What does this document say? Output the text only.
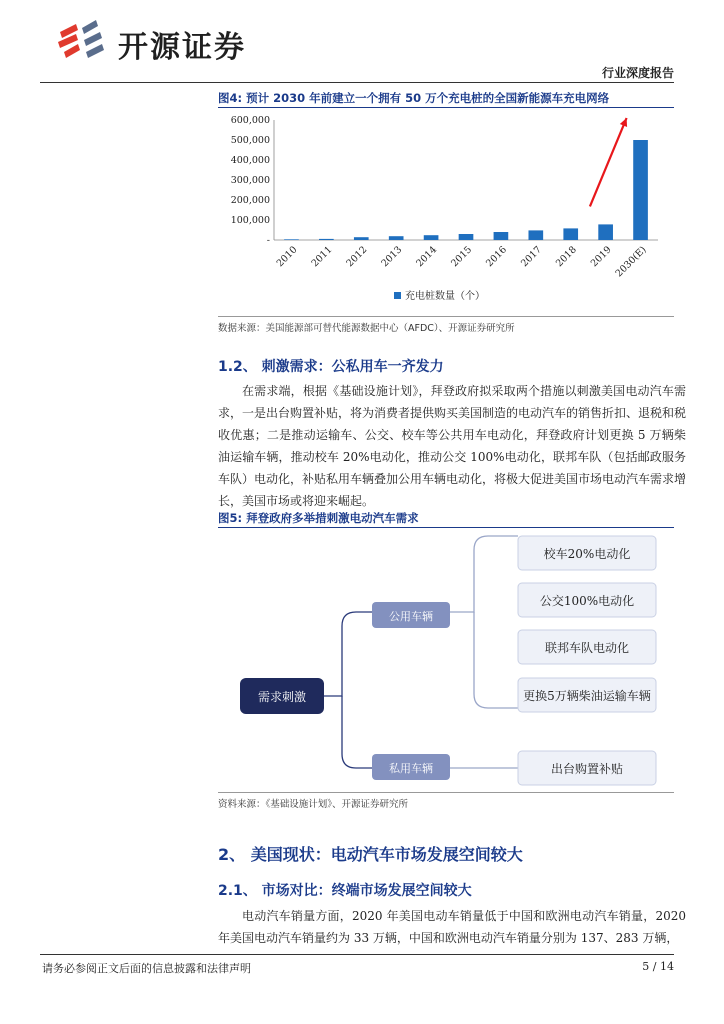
开源证券
行业深度报告
图4: 预计 2030 年前建立一个拥有 50 万个充电桩的全国新能源车充电网络
2010 2011 2012 2013 2014 2015 2016 2017 2018 2019 2030(E)
-
100,000
200,000
300,000
400,000
500,000
600,000
充电桩数量（个）
数据来源：美国能源部可替代能源数据中心（AFDC）、开源证券研究所
1.2、 刺激需求：公私用车一齐发力

在需求端，根据《基础设施计划》，拜登政府拟采取两个措施以刺激美国电动汽车需求，一是出台购置补贴，将为消费者提供购买美国制造的电动汽车的销售折扣、退税和税收优惠；二是推动运输车、公交、校车等公共用车电动化，拜登政府计划更换 5 万辆柴油运输车辆，推动校车 20%电动化，推动公交 100%电动化，联邦车队（包括邮政服务车队）电动化，补贴私用车辆叠加公用车辆电动化，将极大促进美国市场电动汽车需求增长，美国市场或将迎来崛起。

图5: 拜登政府多举措刺激电动汽车需求
需求刺激
公用车辆
私用车辆
校车20%电动化
公交100%电动化
联邦车队电动化
更换5万辆柴油运输车辆
出台购置补贴
资料来源：《基础设施计划》、开源证券研究所
2、 美国现状：电动汽车市场发展空间较大
2.1、 市场对比：终端市场发展空间较大

电动汽车销量方面，2020 年美国电动车销量低于中国和欧洲电动汽车销量，2020 年美国电动汽车销量约为 33 万辆，中国和欧洲电动汽车销量分别为 137、283 万辆，

请务必参阅正文后面的信息披露和法律声明	5 / 14
